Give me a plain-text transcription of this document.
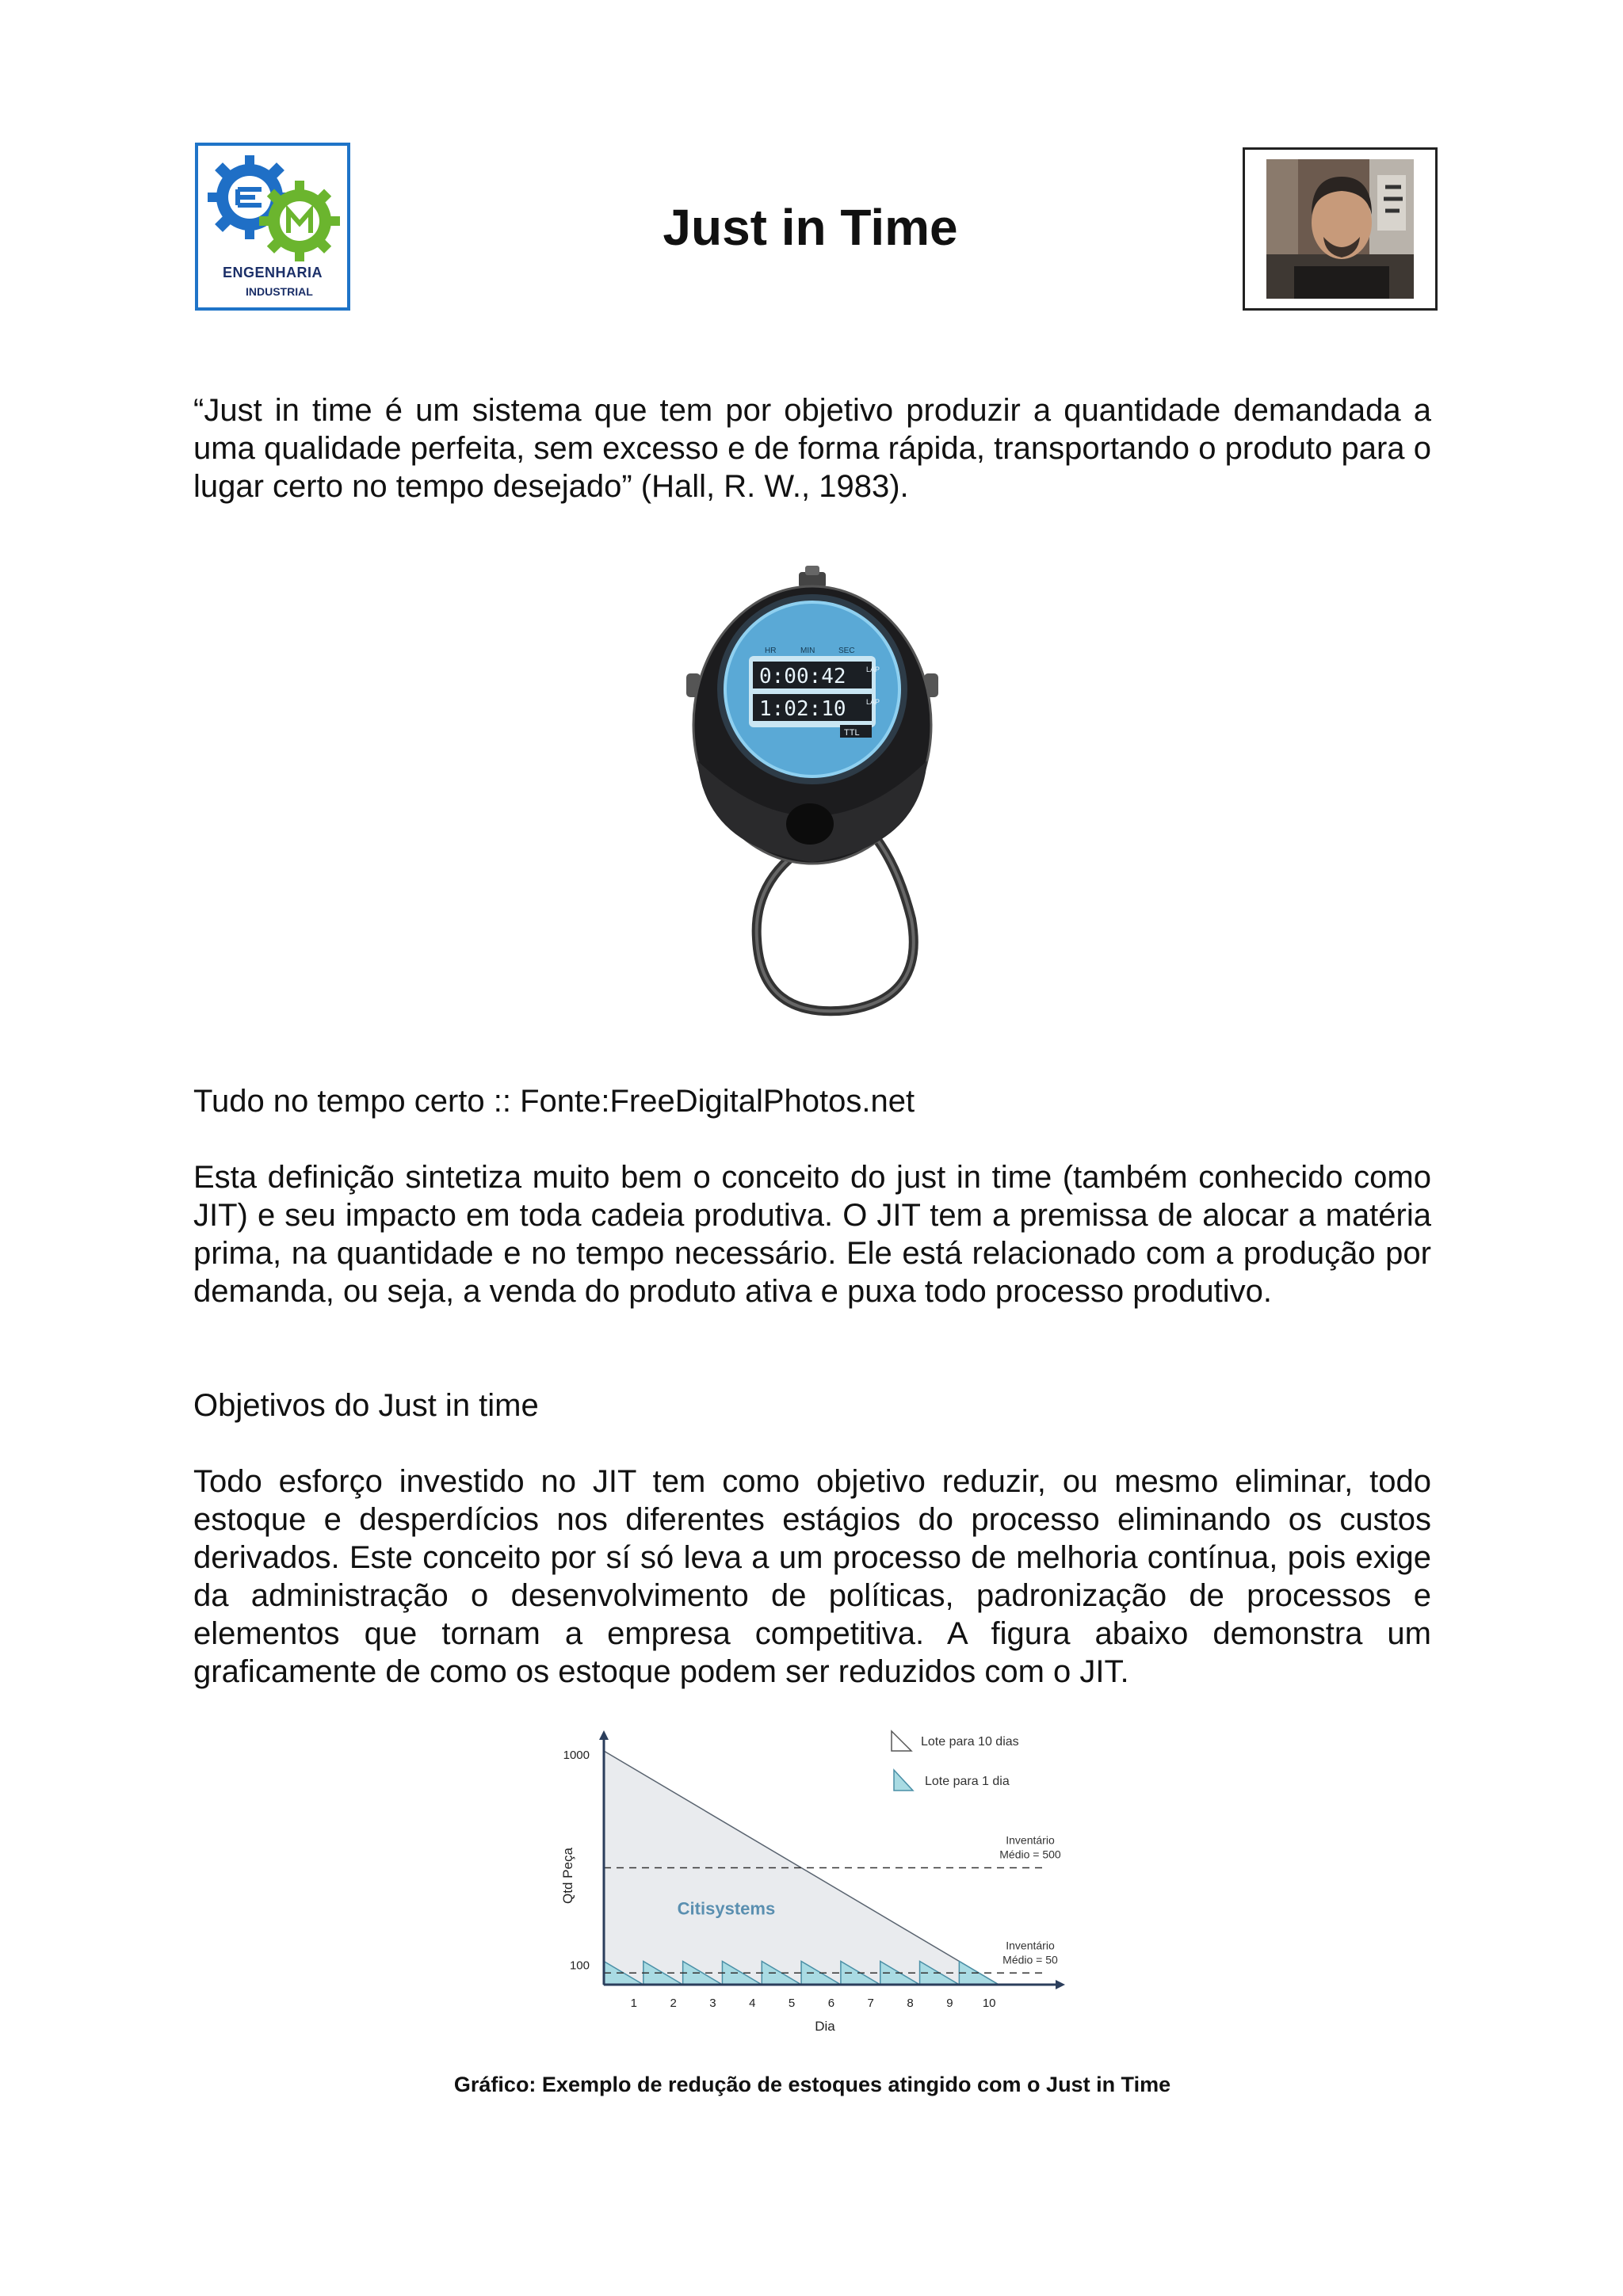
ENGENHARIA
INDUSTRIAL
Just in Time
“Just in time é um sistema que tem por objetivo produzir a quantidade demandada a uma qualidade perfeita, sem excesso e de forma rápida, transportando o produto para o lugar certo no tempo desejado” (Hall, R. W., 1983).
HR	MIN	SEC
0:00:42	LAP
1:02:10	LAP
TTL
Tudo no tempo certo :: Fonte:FreeDigitalPhotos.net
Esta definição sintetiza muito bem o conceito do just in time (também conhecido como JIT) e seu impacto em toda cadeia produtiva. O JIT tem a premissa de alocar a matéria prima, na quantidade e no tempo necessário. Ele está relacionado com a produção por demanda, ou seja, a venda do produto ativa e puxa todo processo produtivo.
Objetivos do Just in time
Todo esforço investido no JIT tem como objetivo reduzir, ou mesmo eliminar, todo estoque e desperdícios nos diferentes estágios do processo eliminando os custos derivados. Este conceito por sí só leva a um processo de melhoria contínua, pois exige da administração o desenvolvimento de políticas, padronização de processos e elementos que tornam a empresa competitiva. A figura abaixo demonstra um graficamente de como os estoque podem ser reduzidos com o JIT.
Inventário
Médio = 500
Inventário
Médio = 50
1	2	3	4	5	6	7	8	9 10
100
1000
Dia
Qtd Peça
Citisystems
Lote para 10 dias
Lote para 1 dia
Gráfico: Exemplo de redução de estoques atingido com o Just in Time
